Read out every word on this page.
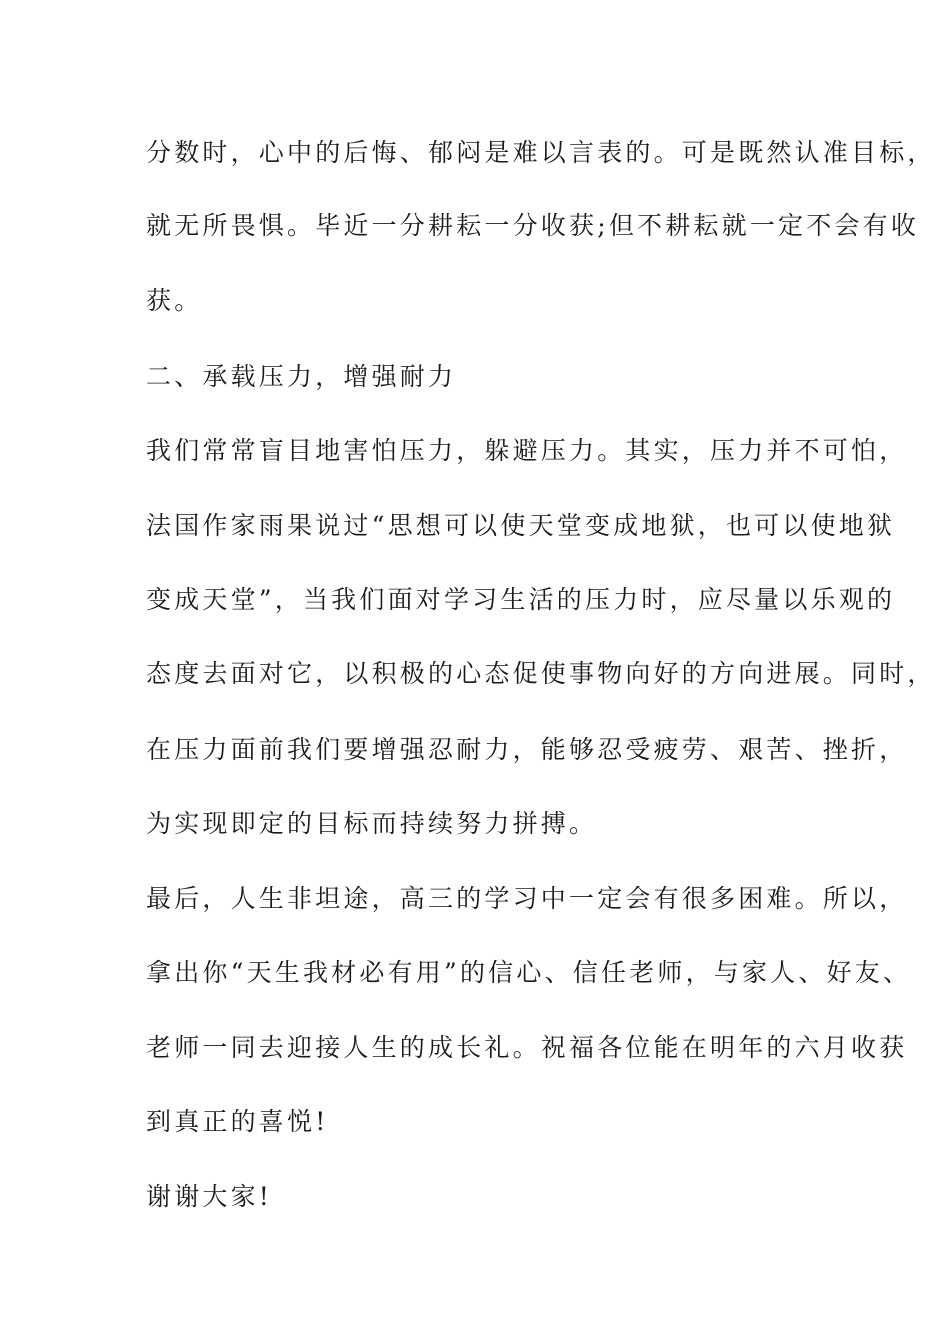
分数时，心中的后悔、郁闷是难以言表的。可是既然认准目标，
就无所畏惧。毕近一分耕耘一分收获;但不耕耘就一定不会有收
获。
二、承载压力，增强耐力
我们常常盲目地害怕压力，躲避压力。其实，压力并不可怕，
法国作家雨果说过“思想可以使天堂变成地狱，也可以使地狱
变成天堂”，当我们面对学习生活的压力时，应尽量以乐观的
态度去面对它，以积极的心态促使事物向好的方向进展。同时，
在压力面前我们要增强忍耐力，能够忍受疲劳、艰苦、挫折，
为实现即定的目标而持续努力拼搏。
最后，人生非坦途，高三的学习中一定会有很多困难。所以，
拿出你“天生我材必有用”的信心、信任老师，与家人、好友、
老师一同去迎接人生的成长礼。祝福各位能在明年的六月收获
到真正的喜悦!
谢谢大家!
